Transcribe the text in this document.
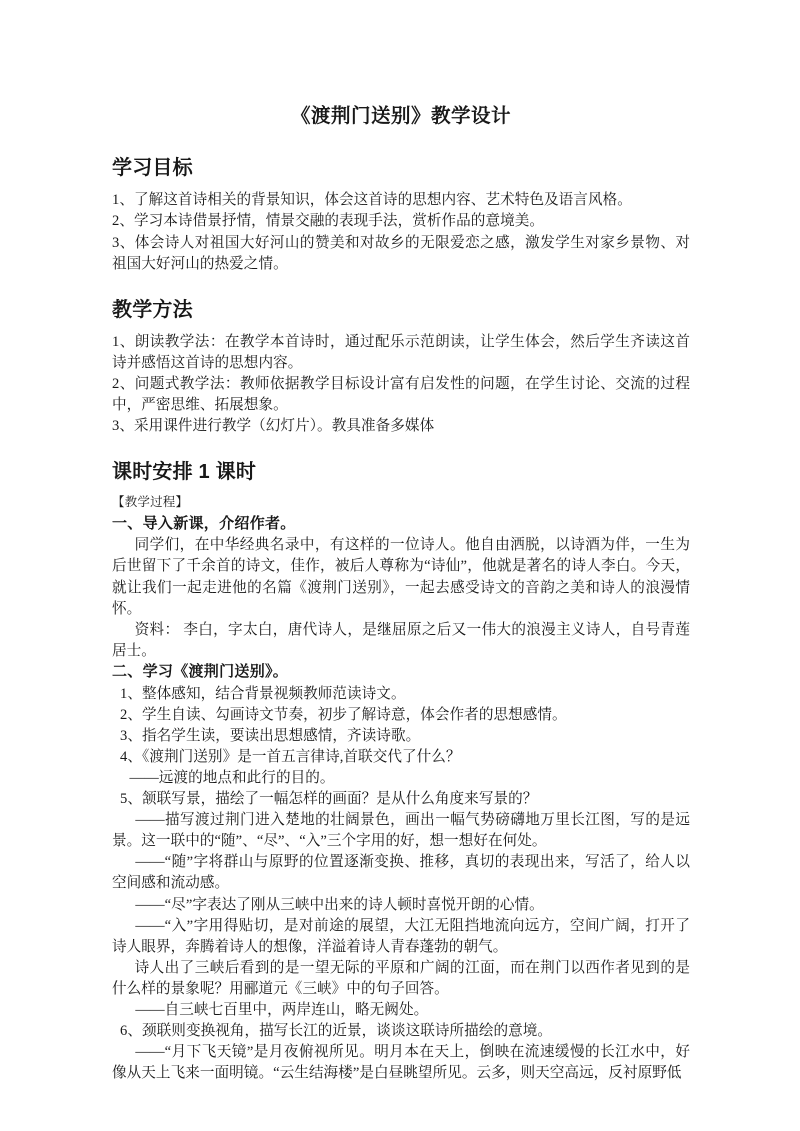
《渡荆门送别》教学设计
学习目标

1、了解这首诗相关的背景知识，体会这首诗的思想内容、艺术特色及语言风格。

2、学习本诗借景抒情，情景交融的表现手法，赏析作品的意境美。

3、体会诗人对祖国大好河山的赞美和对故乡的无限爱恋之感，激发学生对家乡景物、对祖国大好河山的热爱之情。

教学方法

1、朗读教学法：在教学本首诗时，通过配乐示范朗读，让学生体会，然后学生齐读这首诗并感悟这首诗的思想内容。

2、问题式教学法：教师依据教学目标设计富有启发性的问题，在学生讨论、交流的过程中，严密思维、拓展想象。

3、采用课件进行教学（幻灯片）。教具准备多媒体

课时安排 1 课时

【教学过程】

一、导入新课，介绍作者。

同学们，在中华经典名录中，有这样的一位诗人。他自由洒脱，以诗酒为伴，一生为后世留下了千余首的诗文，佳作，被后人尊称为“诗仙”，他就是著名的诗人李白。今天，就让我们一起走进他的名篇《渡荆门送别》，一起去感受诗文的音韵之美和诗人的浪漫情怀。

资料： 李白，字太白，唐代诗人，是继屈原之后又一伟大的浪漫主义诗人，自号青莲居士。

二、学习《渡荆门送别》。

1、整体感知，结合背景视频教师范读诗文。

2、学生自读、勾画诗文节奏，初步了解诗意，体会作者的思想感情。

3、指名学生读，要读出思想感情，齐读诗歌。

4、《渡荆门送别》是一首五言律诗,首联交代了什么？

——远渡的地点和此行的目的。

5、颔联写景，描绘了一幅怎样的画面？是从什么角度来写景的？

——描写渡过荆门进入楚地的壮阔景色，画出一幅气势磅礴地万里长江图，写的是远景。这一联中的“随”、“尽”、“入”三个字用的好，想一想好在何处。

——“随”字将群山与原野的位置逐渐变换、推移，真切的表现出来，写活了，给人以空间感和流动感。

——“尽”字表达了刚从三峡中出来的诗人顿时喜悦开朗的心情。

——“入”字用得贴切，是对前途的展望，大江无阻挡地流向远方，空间广阔，打开了诗人眼界，奔腾着诗人的想像，洋溢着诗人青春蓬勃的朝气。

诗人出了三峡后看到的是一望无际的平原和广阔的江面，而在荆门以西作者见到的是什么样的景象呢？用郦道元《三峡》中的句子回答。

——自三峡七百里中，两岸连山，略无阙处。

6、颈联则变换视角，描写长江的近景，谈谈这联诗所描绘的意境。

——“月下飞天镜”是月夜俯视所见。明月本在天上，倒映在流速缓慢的长江水中，好像从天上飞来一面明镜。“云生结海楼”是白昼眺望所见。云多，则天空高远，反衬原野低
